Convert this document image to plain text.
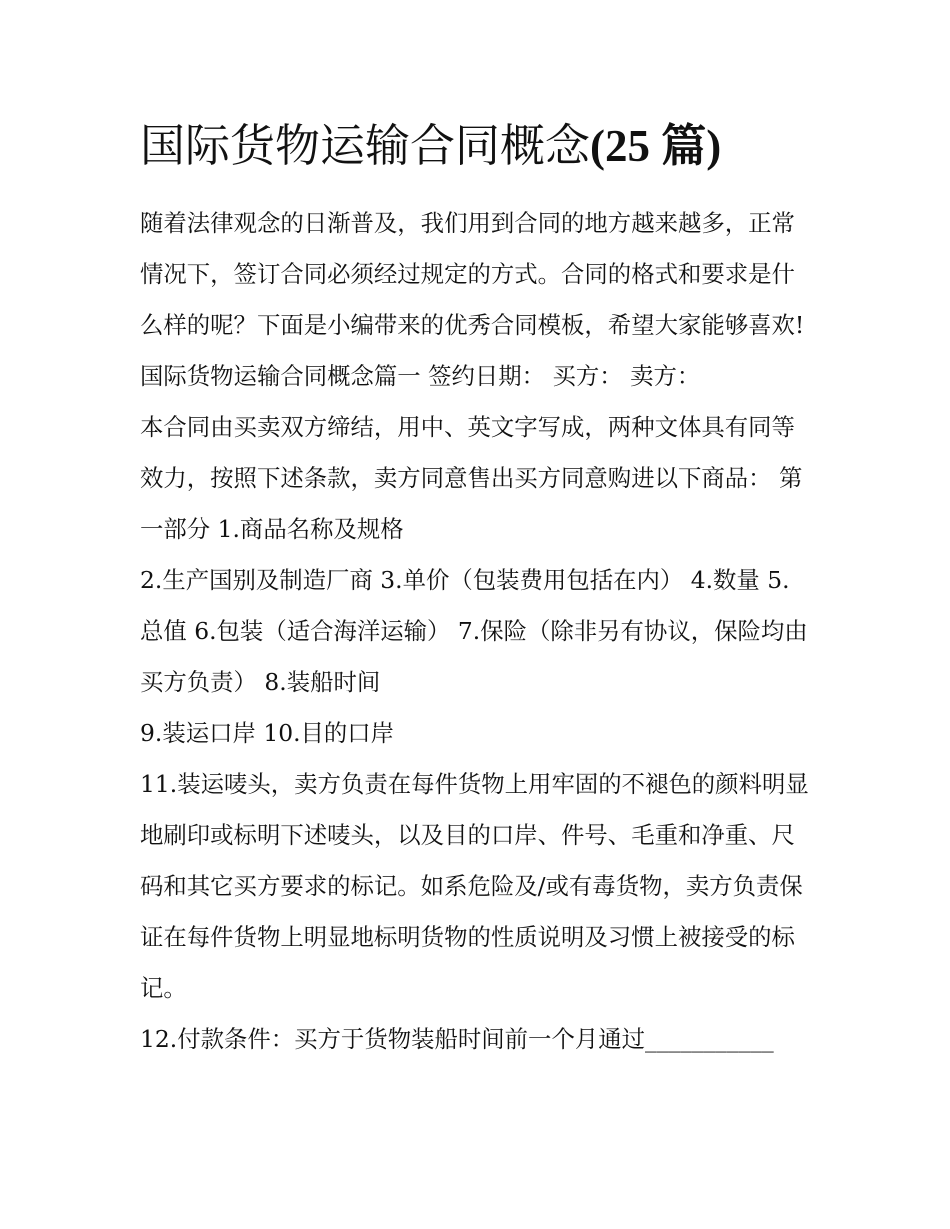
国际货物运输合同概念(25 篇)

随着法律观念的日渐普及，我们用到合同的地方越来越多，正常情况下，签订合同必须经过规定的方式。合同的格式和要求是什么样的呢？下面是小编带来的优秀合同模板，希望大家能够喜欢!

国际货物运输合同概念篇一 签约日期： 买方： 卖方：

本合同由买卖双方缔结，用中、英文字写成，两种文体具有同等效力，按照下述条款，卖方同意售出买方同意购进以下商品： 第一部分 1.商品名称及规格

2.生产国别及制造厂商 3.单价（包装费用包括在内） 4.数量 5.总值 6.包装（适合海洋运输） 7.保险（除非另有协议，保险均由买方负责） 8.装船时间

9.装运口岸 10.目的口岸

11.装运唛头，卖方负责在每件货物上用牢固的不褪色的颜料明显地刷印或标明下述唛头，以及目的口岸、件号、毛重和净重、尺码和其它买方要求的标记。如系危险及/或有毒货物，卖方负责保证在每件货物上明显地标明货物的性质说明及习惯上被接受的标记。

12.付款条件：买方于货物装船时间前一个月通过___________
